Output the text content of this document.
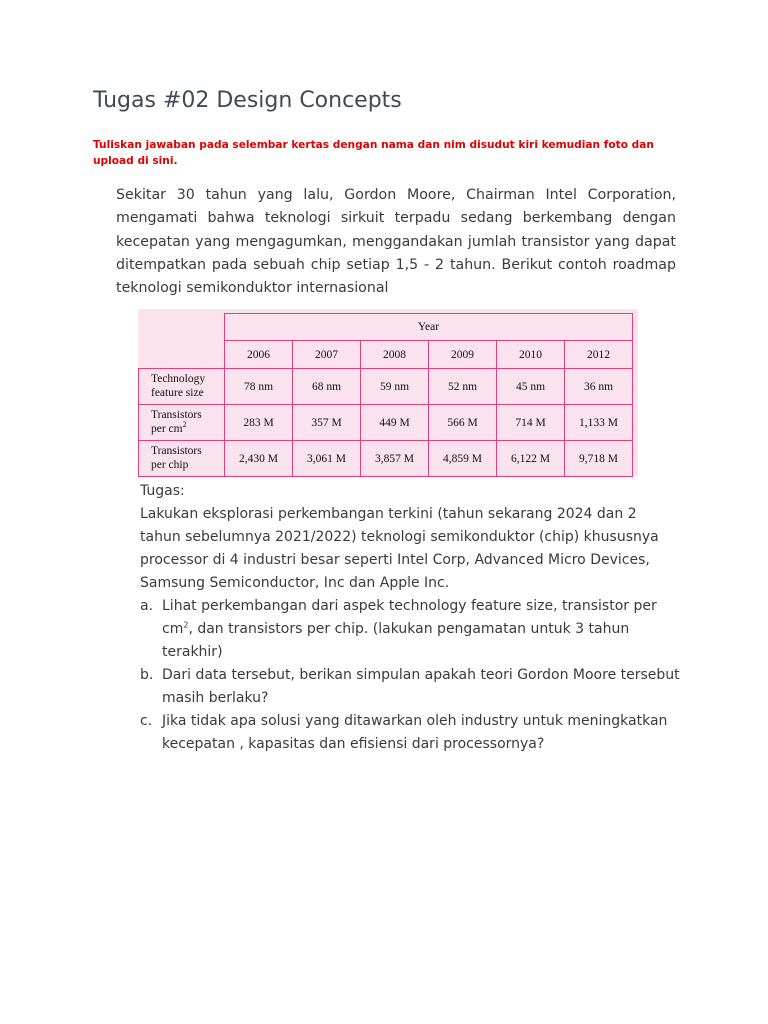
Tugas #02 Design Concepts

Tuliskan jawaban pada selembar kertas dengan nama dan nim disudut kiri kemudian foto dan upload di sini.

Sekitar 30 tahun yang lalu, Gordon Moore, Chairman Intel Corporation, mengamati bahwa teknologi sirkuit terpadu sedang berkembang dengan kecepatan yang mengagumkan, menggandakan jumlah transistor yang dapat ditempatkan pada sebuah chip setiap 1,5 - 2 tahun. Berikut contoh roadmap teknologi semikonduktor internasional

	Year					
	2006	2007	2008	2009	2010	2012
Technology
feature size	78 nm	68 nm	59 nm	52 nm	45 nm	36 nm
Transistors
per $cm^2$	283 M	357 M	449 M	566 M	714 M	1,133 M
Transistors
per chip	2,430 M	3,061 M	3,857 M	4,859 M	6,122 M	9,718 M

Tugas:

Lakukan eksplorasi perkembangan terkini (tahun sekarang 2024 dan 2 tahun sebelumnya 2021/2022) teknologi semikonduktor (chip) khususnya processor di 4 industri besar seperti Intel Corp, Advanced Micro Devices, Samsung Semiconductor, Inc dan Apple Inc.

a. Lihat perkembangan dari aspek technology feature size, transistor per $cm^2$, dan transistors per chip. (lakukan pengamatan untuk 3 tahun terakhir)
b. Dari data tersebut, berikan simpulan apakah teori Gordon Moore tersebut masih berlaku?
c. Jika tidak apa solusi yang ditawarkan oleh industry untuk meningkatkan kecepatan , kapasitas dan efisiensi dari processornya?
